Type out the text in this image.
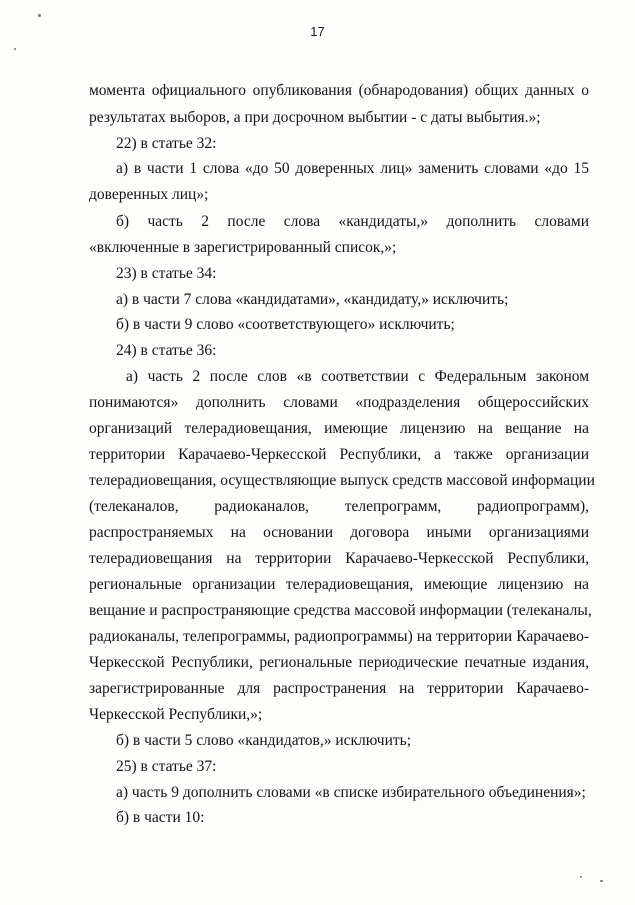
17
момента официального опубликования (обнародования) общих данных о
результатах выборов, а при досрочном выбытии - с даты выбытия.»;
22) в статье 32:
а) в части 1 слова «до 50 доверенных лиц» заменить словами «до 15
доверенных лиц»;
б) часть 2 после слова «кандидаты,» дополнить словами
«включенные в зарегистрированный список,»;
23) в статье 34:
а) в части 7 слова «кандидатами», «кандидату,» исключить;
б) в части 9 слово «соответствующего» исключить;
24) в статье 36:
а) часть 2 после слов «в соответствии с Федеральным законом
понимаются» дополнить словами «подразделения общероссийских
организаций телерадиовещания, имеющие лицензию на вещание на
территории Карачаево-Черкесской Республики, а также организации
телерадиовещания, осуществляющие выпуск средств массовой информации
(телеканалов, радиоканалов, телепрограмм, радиопрограмм),
распространяемых на основании договора иными организациями
телерадиовещания на территории Карачаево-Черкесской Республики,
региональные организации телерадиовещания, имеющие лицензию на
вещание и распространяющие средства массовой информации (телеканалы,
радиоканалы, телепрограммы, радиопрограммы) на территории Карачаево-
Черкесской Республики, региональные периодические печатные издания,
зарегистрированные для распространения на территории Карачаево-
Черкесской Республики,»;
б) в части 5 слово «кандидатов,» исключить;
25) в статье 37:
а) часть 9 дополнить словами «в списке избирательного объединения»;
б) в части 10:
